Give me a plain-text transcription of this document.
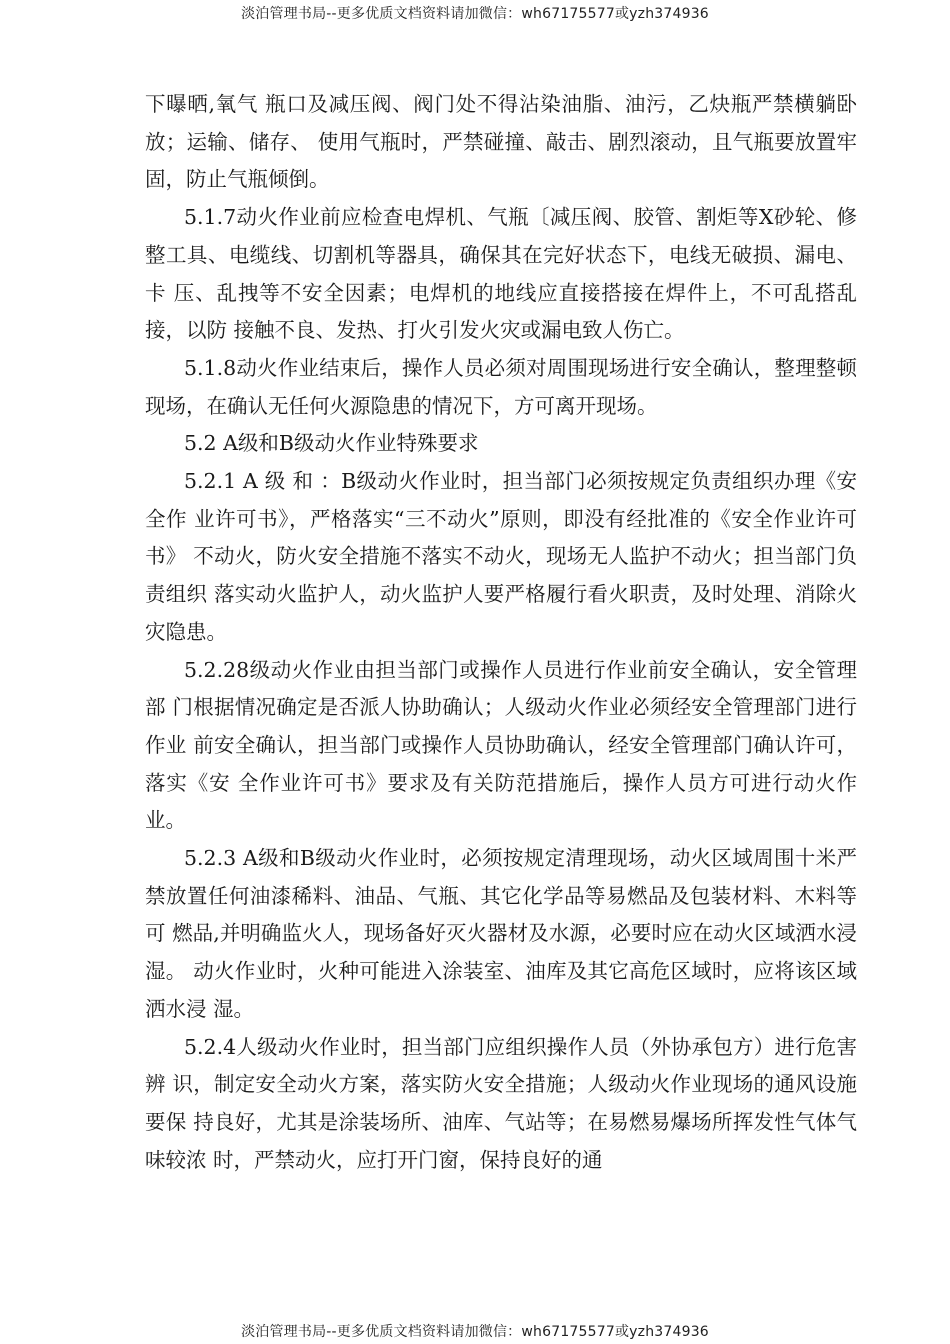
淡泊管理书局--更多优质文档资料请加微信：wh67175577或yzh374936

下曝晒,氧气 瓶口及减压阀、阀门处不得沾染油脂、油污，乙炔瓶严禁横躺卧放；运输、储存、 使用气瓶时，严禁碰撞、敲击、剧烈滚动，且气瓶要放置牢固，防止气瓶倾倒。

5.1.7动火作业前应检查电焊机、气瓶〔减压阀、胶管、割炬等X砂轮、修 整工具、电缆线、切割机等器具，确保其在完好状态下，电线无破损、漏电、卡 压、乱拽等不安全因素；电焊机的地线应直接搭接在焊件上，不可乱搭乱接，以防 接触不良、发热、打火引发火灾或漏电致人伤亡。

5.1.8动火作业结束后，操作人员必须对周围现场进行安全确认，整理整顿 现场，在确认无任何火源隐患的情况下，方可离开现场。

5.2 A级和B级动火作业特殊要求

5.2.1 A 级 和 ：B级动火作业时，担当部门必须按规定负责组织办理《安全作 业许可书》，严格落实“三不动火”原则，即没有经批准的《安全作业许可书》 不动火，防火安全措施不落实不动火，现场无人监护不动火；担当部门负责组织 落实动火监护人，动火监护人要严格履行看火职责，及时处理、消除火灾隐患。

5.2.28级动火作业由担当部门或操作人员进行作业前安全确认，安全管理部 门根据情况确定是否派人协助确认；人级动火作业必须经安全管理部门进行作业 前安全确认，担当部门或操作人员协助确认，经安全管理部门确认许可，落实《安 全作业许可书》要求及有关防范措施后，操作人员方可进行动火作业。

5.2.3 A级和B级动火作业时，必须按规定清理现场，动火区域周围十米严 禁放置任何油漆稀料、油品、气瓶、其它化学品等易燃品及包装材料、木料等可 燃品,并明确监火人，现场备好灭火器材及水源，必要时应在动火区域洒水浸湿。 动火作业时，火种可能进入涂装室、油库及其它高危区域时，应将该区域洒水浸 湿。

5.2.4人级动火作业时，担当部门应组织操作人员（外协承包方）进行危害辨 识，制定安全动火方案，落实防火安全措施；人级动火作业现场的通风设施要保 持良好，尤其是涂装场所、油库、气站等；在易燃易爆场所挥发性气体气味较浓 时，严禁动火，应打开门窗，保持良好的通

淡泊管理书局--更多优质文档资料请加微信：wh67175577或yzh374936
